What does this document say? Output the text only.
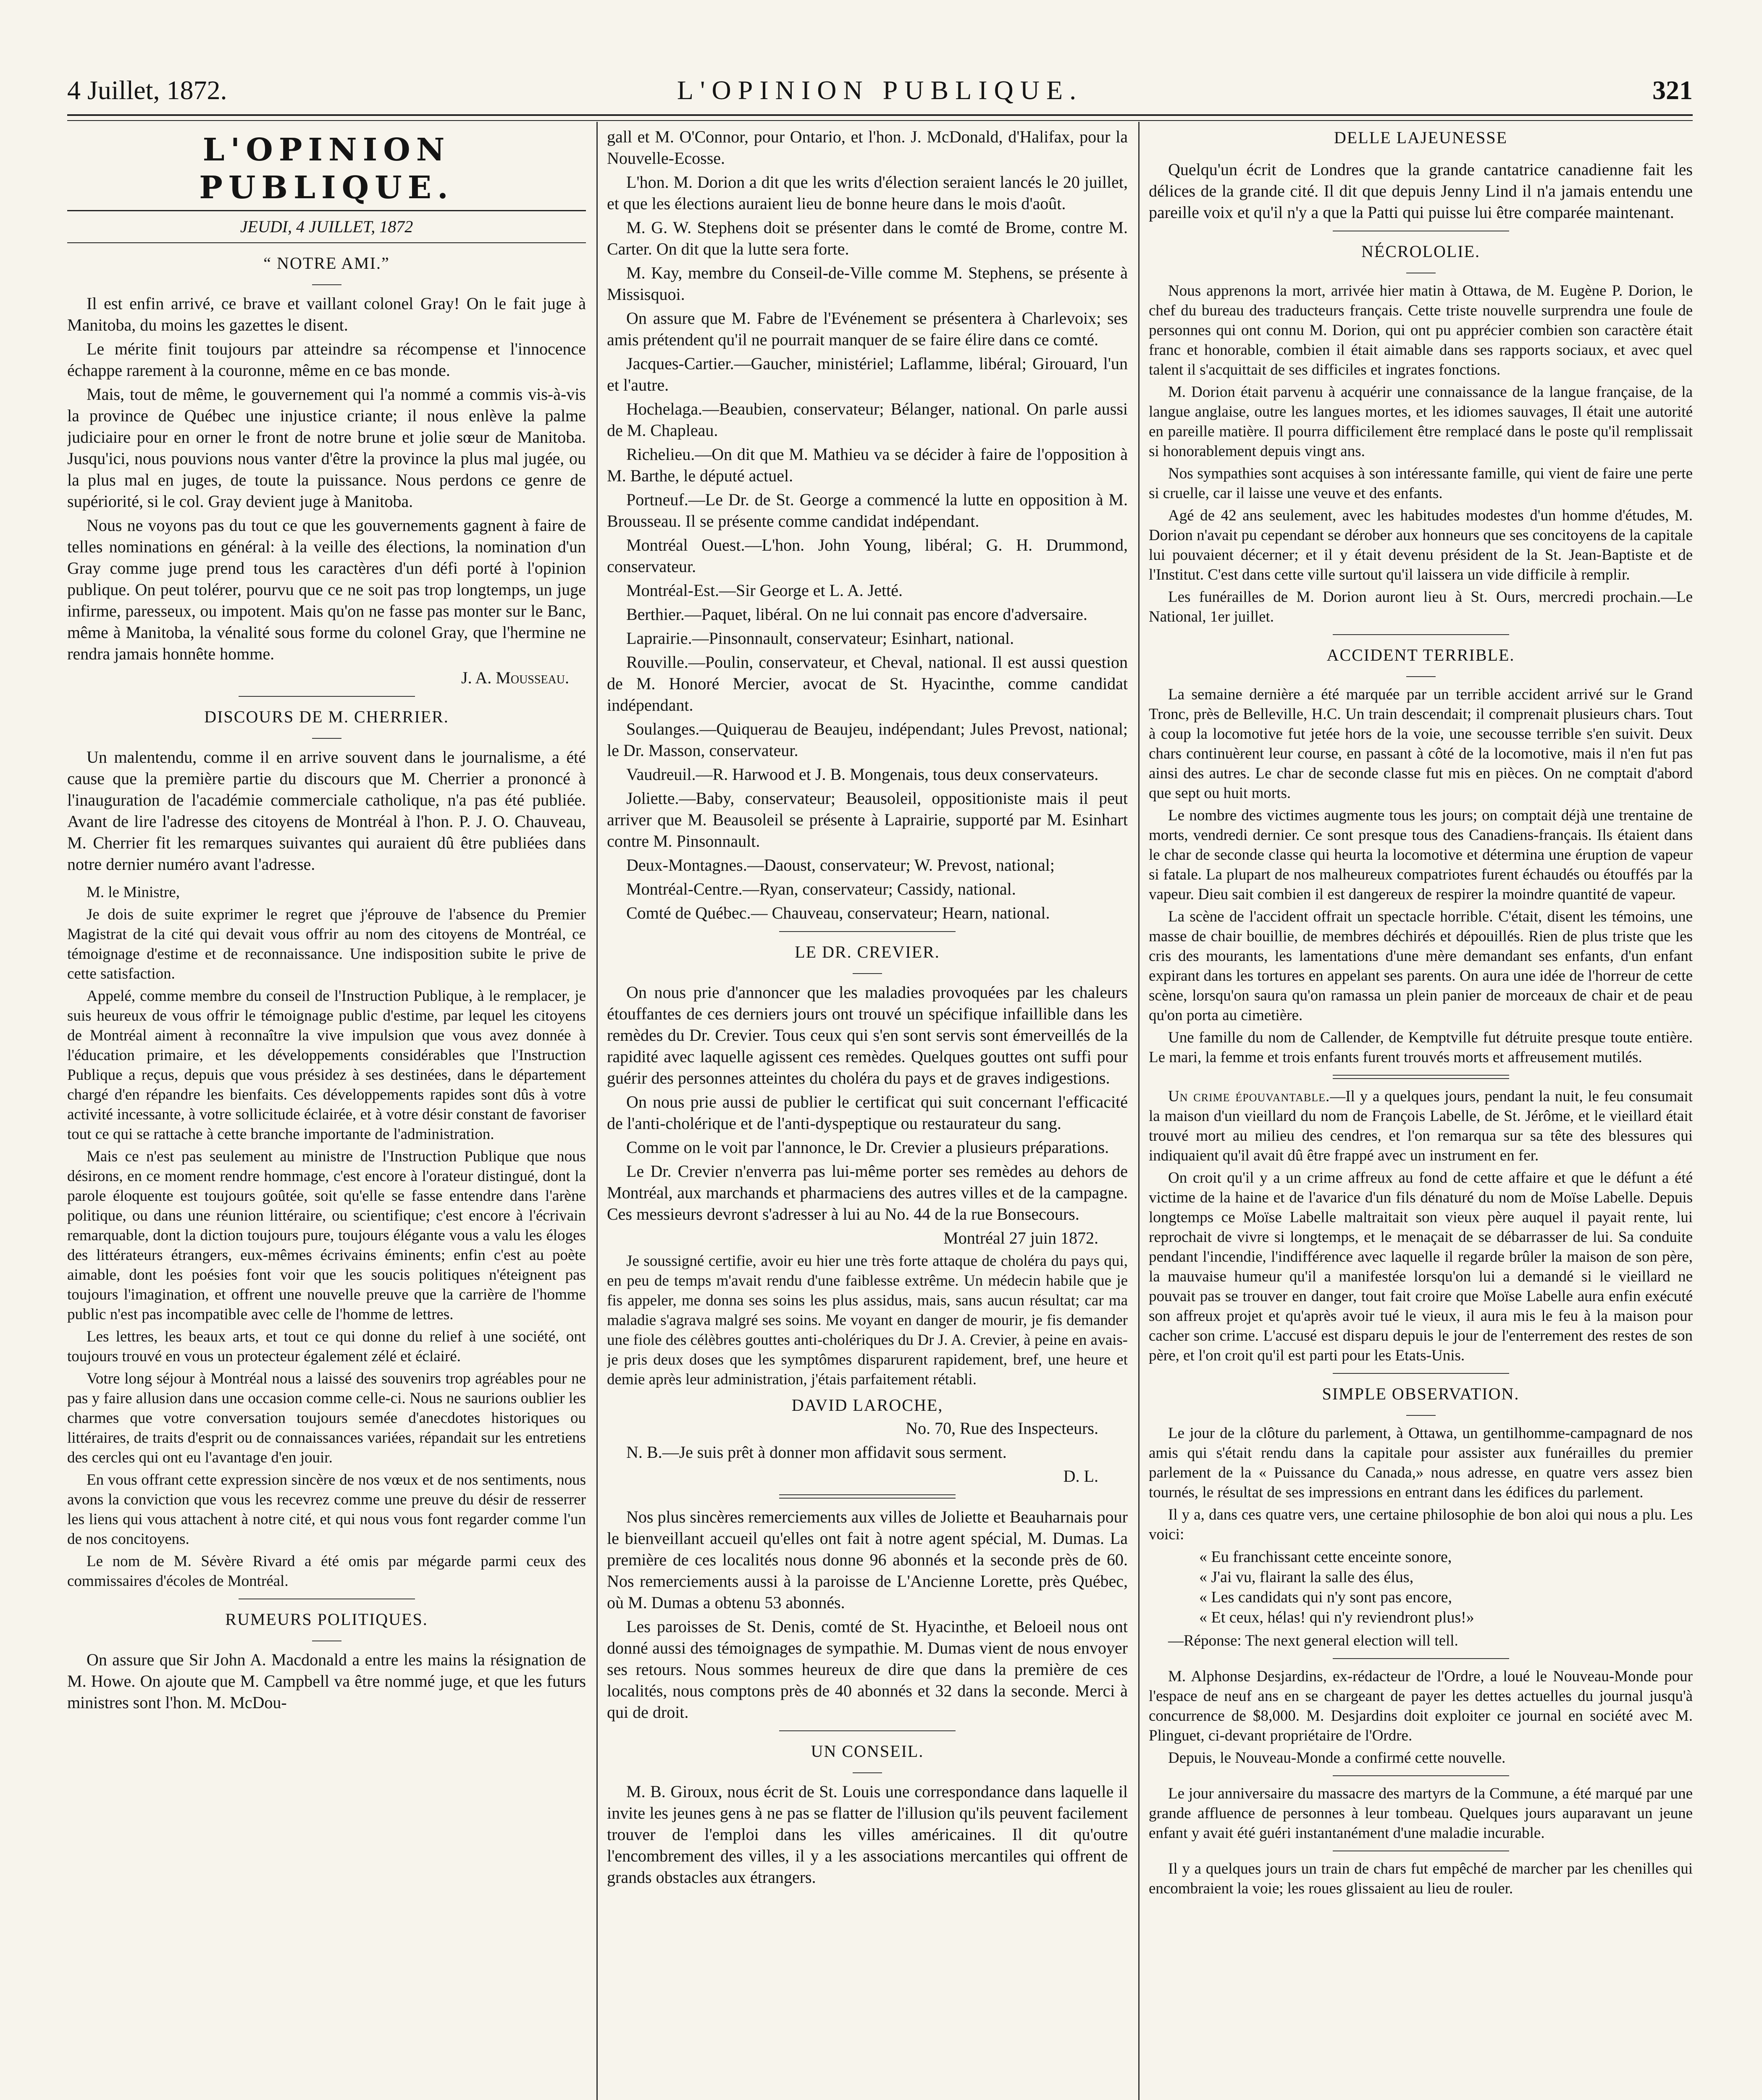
4 Juillet, 1872.	L'OPINION PUBLIQUE.	321
L'OPINION PUBLIQUE.
JEUDI, 4 JUILLET, 1872
“ NOTRE AMI.”

Il est enfin arrivé, ce brave et vaillant colonel Gray! On le fait juge à Manitoba, du moins les gazettes le disent.

Le mérite finit toujours par atteindre sa récompense et l'innocence échappe rarement à la couronne, même en ce bas monde.

Mais, tout de même, le gouvernement qui l'a nommé a commis vis-à-vis la province de Québec une injustice criante; il nous enlève la palme judiciaire pour en orner le front de notre brune et jolie sœur de Manitoba. Jusqu'ici, nous pouvions nous vanter d'être la province la plus mal jugée, ou la plus mal en juges, de toute la puissance. Nous perdons ce genre de supériorité, si le col. Gray devient juge à Manitoba.

Nous ne voyons pas du tout ce que les gouvernements gagnent à faire de telles nominations en général: à la veille des élections, la nomination d'un Gray comme juge prend tous les caractères d'un défi porté à l'opinion publique. On peut tolérer, pourvu que ce ne soit pas trop longtemps, un juge infirme, paresseux, ou impotent. Mais qu'on ne fasse pas monter sur le Banc, même à Manitoba, la vénalité sous forme du colonel Gray, que l'hermine ne rendra jamais honnête homme.

J. A. Mousseau.

DISCOURS DE M. CHERRIER.

Un malentendu, comme il en arrive souvent dans le journalisme, a été cause que la première partie du discours que M. Cherrier a prononcé à l'inauguration de l'académie commerciale catholique, n'a pas été publiée. Avant de lire l'adresse des citoyens de Montréal à l'hon. P. J. O. Chauveau, M. Cherrier fit les remarques suivantes qui auraient dû être publiées dans notre dernier numéro avant l'adresse.

M. le Ministre,

Je dois de suite exprimer le regret que j'éprouve de l'absence du Premier Magistrat de la cité qui devait vous offrir au nom des citoyens de Montréal, ce témoignage d'estime et de reconnaissance. Une indisposition subite le prive de cette satisfaction.

Appelé, comme membre du conseil de l'Instruction Publique, à le remplacer, je suis heureux de vous offrir le témoignage public d'estime, par lequel les citoyens de Montréal aiment à reconnaître la vive impulsion que vous avez donnée à l'éducation primaire, et les développements considérables que l'Instruction Publique a reçus, depuis que vous présidez à ses destinées, dans le département chargé d'en répandre les bienfaits. Ces développements rapides sont dûs à votre activité incessante, à votre sollicitude éclairée, et à votre désir constant de favoriser tout ce qui se rattache à cette branche importante de l'administration.

Mais ce n'est pas seulement au ministre de l'Instruction Publique que nous désirons, en ce moment rendre hommage, c'est encore à l'orateur distingué, dont la parole éloquente est toujours goûtée, soit qu'elle se fasse entendre dans l'arène politique, ou dans une réunion littéraire, ou scientifique; c'est encore à l'écrivain remarquable, dont la diction toujours pure, toujours élégante vous a valu les éloges des littérateurs étrangers, eux-mêmes écrivains éminents; enfin c'est au poète aimable, dont les poésies font voir que les soucis politiques n'éteignent pas toujours l'imagination, et offrent une nouvelle preuve que la carrière de l'homme public n'est pas incompatible avec celle de l'homme de lettres.

Les lettres, les beaux arts, et tout ce qui donne du relief à une société, ont toujours trouvé en vous un protecteur également zélé et éclairé.

Votre long séjour à Montréal nous a laissé des souvenirs trop agréables pour ne pas y faire allusion dans une occasion comme celle-ci. Nous ne saurions oublier les charmes que votre conversation toujours semée d'anecdotes historiques ou littéraires, de traits d'esprit ou de connaissances variées, répandait sur les entretiens des cercles qui ont eu l'avantage d'en jouir.

En vous offrant cette expression sincère de nos vœux et de nos sentiments, nous avons la conviction que vous les recevrez comme une preuve du désir de resserrer les liens qui vous attachent à notre cité, et qui nous vous font regarder comme l'un de nos concitoyens.

Le nom de M. Sévère Rivard a été omis par mégarde parmi ceux des commissaires d'écoles de Montréal.

RUMEURS POLITIQUES.

On assure que Sir John A. Macdonald a entre les mains la résignation de M. Howe. On ajoute que M. Campbell va être nommé juge, et que les futurs ministres sont l'hon. M. McDou-

gall et M. O'Connor, pour Ontario, et l'hon. J. McDonald, d'Halifax, pour la Nouvelle-Ecosse.

L'hon. M. Dorion a dit que les writs d'élection seraient lancés le 20 juillet, et que les élections auraient lieu de bonne heure dans le mois d'août.

M. G. W. Stephens doit se présenter dans le comté de Brome, contre M. Carter. On dit que la lutte sera forte.

M. Kay, membre du Conseil-de-Ville comme M. Stephens, se présente à Missisquoi.

On assure que M. Fabre de l'Evénement se présentera à Charlevoix; ses amis prétendent qu'il ne pourrait manquer de se faire élire dans ce comté.

Jacques-Cartier.—Gaucher, ministériel; Laflamme, libéral; Girouard, l'un et l'autre.

Hochelaga.—Beaubien, conservateur; Bélanger, national. On parle aussi de M. Chapleau.

Richelieu.—On dit que M. Mathieu va se décider à faire de l'opposition à M. Barthe, le député actuel.

Portneuf.—Le Dr. de St. George a commencé la lutte en opposition à M. Brousseau. Il se présente comme candidat indépendant.

Montréal Ouest.—L'hon. John Young, libéral; G. H. Drummond, conservateur.

Montréal-Est.—Sir George et L. A. Jetté.

Berthier.—Paquet, libéral. On ne lui connait pas encore d'adversaire.

Laprairie.—Pinsonnault, conservateur; Esinhart, national.

Rouville.—Poulin, conservateur, et Cheval, national. Il est aussi question de M. Honoré Mercier, avocat de St. Hyacinthe, comme candidat indépendant.

Soulanges.—Quiquerau de Beaujeu, indépendant; Jules Prevost, national; le Dr. Masson, conservateur.

Vaudreuil.—R. Harwood et J. B. Mongenais, tous deux conservateurs.

Joliette.—Baby, conservateur; Beausoleil, oppositioniste mais il peut arriver que M. Beausoleil se présente à Laprairie, supporté par M. Esinhart contre M. Pinsonnault.

Deux-Montagnes.—Daoust, conservateur; W. Prevost, national;

Montréal-Centre.—Ryan, conservateur; Cassidy, national.

Comté de Québec.— Chauveau, conservateur; Hearn, national.

LE DR. CREVIER.

On nous prie d'annoncer que les maladies provoquées par les chaleurs étouffantes de ces derniers jours ont trouvé un spécifique infaillible dans les remèdes du Dr. Crevier. Tous ceux qui s'en sont servis sont émerveillés de la rapidité avec laquelle agissent ces remèdes. Quelques gouttes ont suffi pour guérir des personnes atteintes du choléra du pays et de graves indigestions.

On nous prie aussi de publier le certificat qui suit concernant l'efficacité de l'anti-cholérique et de l'anti-dyspeptique ou restaurateur du sang.

Comme on le voit par l'annonce, le Dr. Crevier a plusieurs préparations.

Le Dr. Crevier n'enverra pas lui-même porter ses remèdes au dehors de Montréal, aux marchands et pharmaciens des autres villes et de la campagne. Ces messieurs devront s'adresser à lui au No. 44 de la rue Bonsecours.

Montréal 27 juin 1872.

Je soussigné certifie, avoir eu hier une très forte attaque de choléra du pays qui, en peu de temps m'avait rendu d'une faiblesse extrême. Un médecin habile que je fis appeler, me donna ses soins les plus assidus, mais, sans aucun résultat; car ma maladie s'agrava malgré ses soins. Me voyant en danger de mourir, je fis demander une fiole des célèbres gouttes anti-cholériques du Dr J. A. Crevier, à peine en avais-je pris deux doses que les symptômes disparurent rapidement, bref, une heure et demie après leur administration, j'étais parfaitement rétabli.

DAVID LAROCHE,

No. 70, Rue des Inspecteurs.

N. B.—Je suis prêt à donner mon affidavit sous serment.

D. L.

Nos plus sincères remerciements aux villes de Joliette et Beauharnais pour le bienveillant accueil qu'elles ont fait à notre agent spécial, M. Dumas. La première de ces localités nous donne 96 abonnés et la seconde près de 60. Nos remerciements aussi à la paroisse de L'Ancienne Lorette, près Québec, où M. Dumas a obtenu 53 abonnés.

Les paroisses de St. Denis, comté de St. Hyacinthe, et Beloeil nous ont donné aussi des témoignages de sympathie. M. Dumas vient de nous envoyer ses retours. Nous sommes heureux de dire que dans la première de ces localités, nous comptons près de 40 abonnés et 32 dans la seconde. Merci à qui de droit.

UN CONSEIL.

M. B. Giroux, nous écrit de St. Louis une correspondance dans laquelle il invite les jeunes gens à ne pas se flatter de l'illusion qu'ils peuvent facilement trouver de l'emploi dans les villes américaines. Il dit qu'outre l'encombrement des villes, il y a les associations mercantiles qui offrent de grands obstacles aux étrangers.

DELLE LAJEUNESSE

Quelqu'un écrit de Londres que la grande cantatrice canadienne fait les délices de la grande cité. Il dit que depuis Jenny Lind il n'a jamais entendu une pareille voix et qu'il n'y a que la Patti qui puisse lui être comparée maintenant.

NÉCROLOLIE.

Nous apprenons la mort, arrivée hier matin à Ottawa, de M. Eugène P. Dorion, le chef du bureau des traducteurs français. Cette triste nouvelle surprendra une foule de personnes qui ont connu M. Dorion, qui ont pu apprécier combien son caractère était franc et honorable, combien il était aimable dans ses rapports sociaux, et avec quel talent il s'acquittait de ses difficiles et ingrates fonctions.

M. Dorion était parvenu à acquérir une connaissance de la langue française, de la langue anglaise, outre les langues mortes, et les idiomes sauvages, Il était une autorité en pareille matière. Il pourra difficilement être remplacé dans le poste qu'il remplissait si honorablement depuis vingt ans.

Nos sympathies sont acquises à son intéressante famille, qui vient de faire une perte si cruelle, car il laisse une veuve et des enfants.

Agé de 42 ans seulement, avec les habitudes modestes d'un homme d'études, M. Dorion n'avait pu cependant se dérober aux honneurs que ses concitoyens de la capitale lui pouvaient décerner; et il y était devenu président de la St. Jean-Baptiste et de l'Institut. C'est dans cette ville surtout qu'il laissera un vide difficile à remplir.

Les funérailles de M. Dorion auront lieu à St. Ours, mercredi prochain.—Le National, 1er juillet.

ACCIDENT TERRIBLE.

La semaine dernière a été marquée par un terrible accident arrivé sur le Grand Tronc, près de Belleville, H.C. Un train descendait; il comprenait plusieurs chars. Tout à coup la locomotive fut jetée hors de la voie, une secousse terrible s'en suivit. Deux chars continuèrent leur course, en passant à côté de la locomotive, mais il n'en fut pas ainsi des autres. Le char de seconde classe fut mis en pièces. On ne comptait d'abord que sept ou huit morts.

Le nombre des victimes augmente tous les jours; on comptait déjà une trentaine de morts, vendredi dernier. Ce sont presque tous des Canadiens-français. Ils étaient dans le char de seconde classe qui heurta la locomotive et détermina une éruption de vapeur si fatale. La plupart de nos malheureux compatriotes furent échaudés ou étouffés par la vapeur. Dieu sait combien il est dangereux de respirer la moindre quantité de vapeur.

La scène de l'accident offrait un spectacle horrible. C'était, disent les témoins, une masse de chair bouillie, de membres déchirés et dépouillés. Rien de plus triste que les cris des mourants, les lamentations d'une mère demandant ses enfants, d'un enfant expirant dans les tortures en appelant ses parents. On aura une idée de l'horreur de cette scène, lorsqu'on saura qu'on ramassa un plein panier de morceaux de chair et de peau qu'on porta au cimetière.

Une famille du nom de Callender, de Kemptville fut détruite presque toute entière. Le mari, la femme et trois enfants furent trouvés morts et affreusement mutilés.

Un crime épouvantable.—Il y a quelques jours, pendant la nuit, le feu consumait la maison d'un vieillard du nom de François Labelle, de St. Jérôme, et le vieillard était trouvé mort au milieu des cendres, et l'on remarqua sur sa tête des blessures qui indiquaient qu'il avait dû être frappé avec un instrument en fer.

On croit qu'il y a un crime affreux au fond de cette affaire et que le défunt a été victime de la haine et de l'avarice d'un fils dénaturé du nom de Moïse Labelle. Depuis longtemps ce Moïse Labelle maltraitait son vieux père auquel il payait rente, lui reprochait de vivre si longtemps, et le menaçait de se débarrasser de lui. Sa conduite pendant l'incendie, l'indifférence avec laquelle il regarde brûler la maison de son père, la mauvaise humeur qu'il a manifestée lorsqu'on lui a demandé si le vieillard ne pouvait pas se trouver en danger, tout fait croire que Moïse Labelle aura enfin exécuté son affreux projet et qu'après avoir tué le vieux, il aura mis le feu à la maison pour cacher son crime. L'accusé est disparu depuis le jour de l'enterrement des restes de son père, et l'on croit qu'il est parti pour les Etats-Unis.

SIMPLE OBSERVATION.

Le jour de la clôture du parlement, à Ottawa, un gentilhomme-campagnard de nos amis qui s'était rendu dans la capitale pour assister aux funérailles du premier parlement de la « Puissance du Canada,» nous adresse, en quatre vers assez bien tournés, le résultat de ses impressions en entrant dans les édifices du parlement.

Il y a, dans ces quatre vers, une certaine philosophie de bon aloi qui nous a plu. Les voici:

« Eu franchissant cette enceinte sonore,
« J'ai vu, flairant la salle des élus,
« Les candidats qui n'y sont pas encore,
« Et ceux, hélas! qui n'y reviendront plus!»

—Réponse: The next general election will tell.

M. Alphonse Desjardins, ex-rédacteur de l'Ordre, a loué le Nouveau-Monde pour l'espace de neuf ans en se chargeant de payer les dettes actuelles du journal jusqu'à concurrence de $8,000. M. Desjardins doit exploiter ce journal en société avec M. Plinguet, ci-devant propriétaire de l'Ordre.

Depuis, le Nouveau-Monde a confirmé cette nouvelle.

Le jour anniversaire du massacre des martyrs de la Commune, a été marqué par une grande affluence de personnes à leur tombeau. Quelques jours auparavant un jeune enfant y avait été guéri instantanément d'une maladie incurable.

Il y a quelques jours un train de chars fut empêché de marcher par les chenilles qui encombraient la voie; les roues glissaient au lieu de rouler.
